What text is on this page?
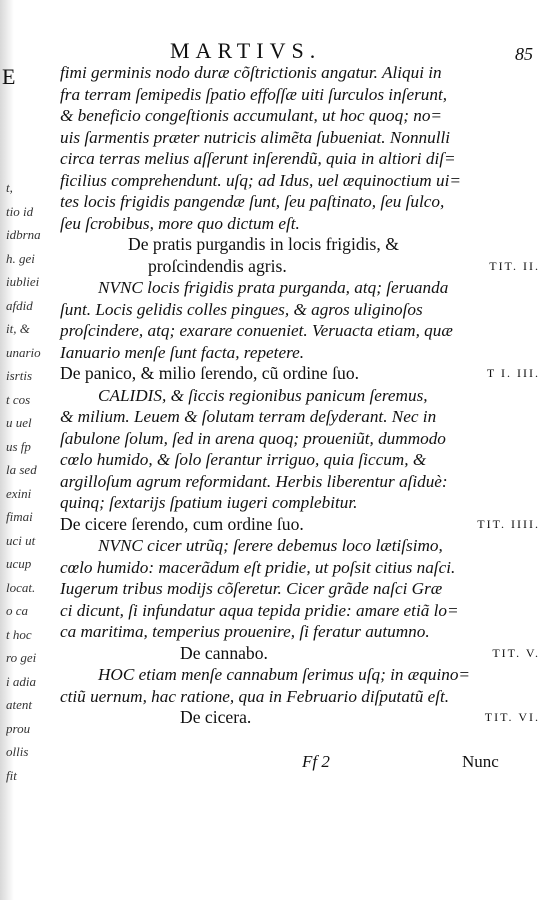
E
t,
tio id
idbrna
h. gei
iubliei
afdid
it, &
unario
isrtis
t cos
u uel
us fp
la sed
exini
fimai
uci ut
ucup
locat.
o ca
t hoc
ro gei
i adia
atent
prou
ollis
fit
MARTIVS.	85
fimi germinis nodo duræ cõſtrictionis angatur. Aliqui in
fra terram ſemipedis ſpatio effoſſæ uiti ſurculos inſerunt,
& beneficio congeſtionis accumulant, ut hoc quoq; no=
uis ſarmentis præter nutricis alimẽta ſubueniat. Nonnulli
circa terras melius aſſerunt inſerendũ, quia in altiori diſ=
ficilius comprehendunt. uſq; ad Idus, uel æquinoctium ui=
tes locis frigidis pangendæ ſunt, ſeu paſtinato, ſeu ſulco,
ſeu ſcrobibus, more quo dictum eſt.
De pratis purgandis in locis frigidis, &
proſcindendis agris.	TIT. II.
NVNC locis frigidis prata purganda, atq; ſeruanda
ſunt. Locis gelidis colles pingues, & agros uliginoſos
proſcindere, atq; exarare conueniet. Veruacta etiam, quæ
Ianuario menſe ſunt facta, repetere.
De panico, & milio ſerendo, cũ ordine ſuo.	T I. III.
CALIDIS, & ſiccis regionibus panicum ſeremus,
& milium. Leuem & ſolutam terram deſyderant. Nec in
ſabulone ſolum, ſed in arena quoq; proueniũt, dummodo
cœlo humido, & ſolo ſerantur irriguo, quia ſiccum, &
argilloſum agrum reformidant. Herbis liberentur aſiduè:
quinq; ſextarijs ſpatium iugeri complebitur.
De cicere ſerendo, cum ordine ſuo.	TIT. IIII.
NVNC cicer utrũq; ſerere debemus loco lætiſsimo,
cœlo humido: macerãdum eſt pridie, ut poſsit citius naſci.
Iugerum tribus modijs cõſeretur. Cicer grãde naſci Græ
ci dicunt, ſi infundatur aqua tepida pridie: amare etiã lo=
ca maritima, temperius prouenire, ſi feratur autumno.
De cannabo.	TIT. V.
HOC etiam menſe cannabum ſerimus uſq; in æquino=
ctiũ uernum, hac ratione, qua in Februario diſputatũ eſt.
De cicera.	TIT. VI.
Ff 2	Nunc
